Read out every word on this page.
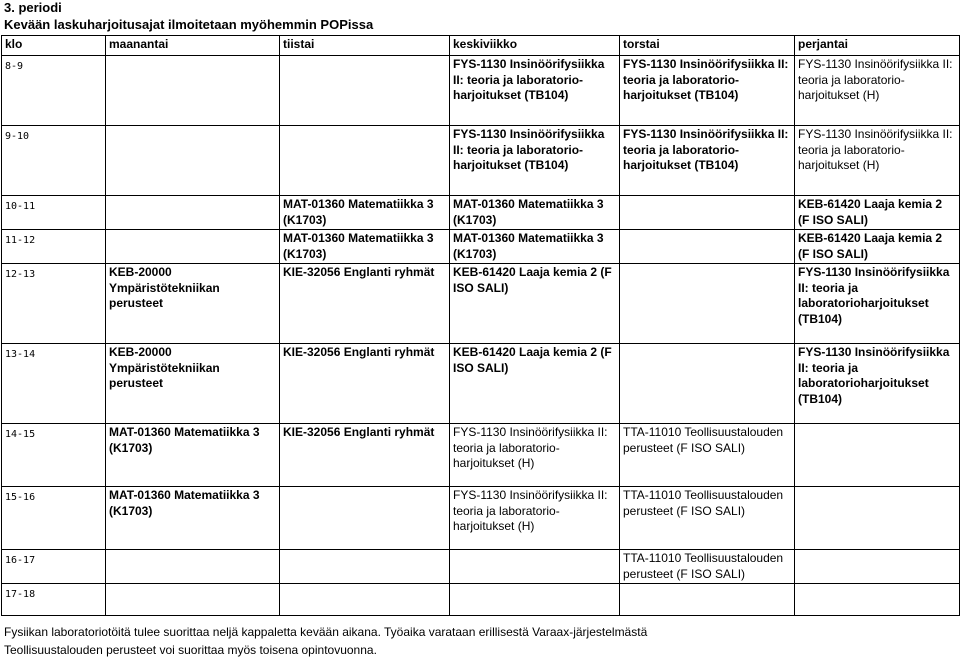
3. periodi
Kevään laskuharjoitusajat ilmoitetaan myöhemmin POPissa
klo	maanantai	tiistai	keskiviikko	torstai	perjantai
8-9			FYS-1130 Insinöörifysiikka II: teoria ja laboratorio-harjoitukset (TB104)	FYS-1130 Insinöörifysiikka II: teoria ja laboratorio-harjoitukset (TB104)	FYS-1130 Insinöörifysiikka II: teoria ja laboratorio-harjoitukset (H)
9-10			FYS-1130 Insinöörifysiikka II: teoria ja laboratorio-harjoitukset (TB104)	FYS-1130 Insinöörifysiikka II: teoria ja laboratorio-harjoitukset (TB104)	FYS-1130 Insinöörifysiikka II: teoria ja laboratorio-harjoitukset (H)
10-11		MAT-01360 Matematiikka 3 (K1703)	MAT-01360 Matematiikka 3 (K1703)		KEB-61420 Laaja kemia 2 (F ISO SALI)
11-12		MAT-01360 Matematiikka 3 (K1703)	MAT-01360 Matematiikka 3 (K1703)		KEB-61420 Laaja kemia 2 (F ISO SALI)
12-13	KEB-20000 Ympäristötekniikan perusteet	KIE-32056 Englanti ryhmät	KEB-61420 Laaja kemia 2 (F ISO SALI)		FYS-1130 Insinöörifysiikka II: teoria ja laboratorioharjoitukset (TB104)
13-14	KEB-20000 Ympäristötekniikan perusteet	KIE-32056 Englanti ryhmät	KEB-61420 Laaja kemia 2 (F ISO SALI)		FYS-1130 Insinöörifysiikka II: teoria ja laboratorioharjoitukset (TB104)
14-15	MAT-01360 Matematiikka 3 (K1703)	KIE-32056 Englanti ryhmät	FYS-1130 Insinöörifysiikka II: teoria ja laboratorio-harjoitukset (H)	TTA-11010 Teollisuustalouden perusteet (F ISO SALI)	
15-16	MAT-01360 Matematiikka 3 (K1703)		FYS-1130 Insinöörifysiikka II: teoria ja laboratorio-harjoitukset (H)	TTA-11010 Teollisuustalouden perusteet (F ISO SALI)	
16-17				TTA-11010 Teollisuustalouden perusteet (F ISO SALI)	
17-18					
Fysiikan laboratoriotöitä tulee suorittaa neljä kappaletta kevään aikana. Työaika varataan erillisestä Varaax-järjestelmästä
Teollisuustalouden perusteet voi suorittaa myös toisena opintovuonna.
